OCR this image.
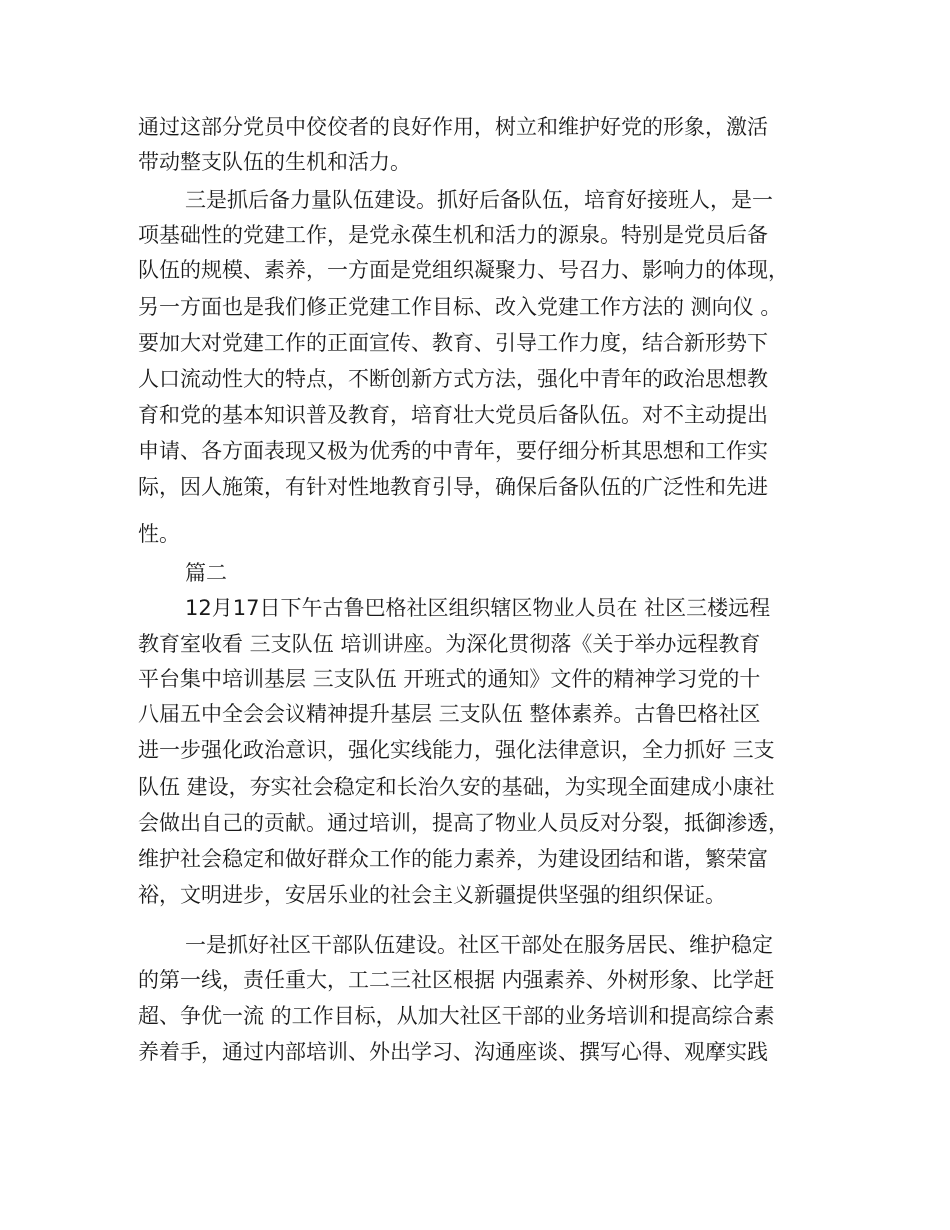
通过这部分党员中佼佼者的良好作用，树立和维护好党的形象，激活

带动整支队伍的生机和活力。

三是抓后备力量队伍建设。抓好后备队伍，培育好接班人，是一

项基础性的党建工作，是党永葆生机和活力的源泉。特别是党员后备

队伍的规模、素养，一方面是党组织凝聚力、号召力、影响力的体现，

另一方面也是我们修正党建工作目标、改入党建工作方法的 测向仪 。

要加大对党建工作的正面宣传、教育、引导工作力度，结合新形势下

人口流动性大的特点，不断创新方式方法，强化中青年的政治思想教

育和党的基本知识普及教育，培育壮大党员后备队伍。对不主动提出

申请、各方面表现又极为优秀的中青年，要仔细分析其思想和工作实

际，因人施策，有针对性地教育引导，确保后备队伍的广泛性和先进

性。

篇二

12月17日下午古鲁巴格社区组织辖区物业人员在 社区三楼远程

教育室收看 三支队伍 培训讲座。为深化贯彻落《关于举办远程教育

平台集中培训基层 三支队伍 开班式的通知》文件的精神学习党的十

八届五中全会会议精神提升基层 三支队伍 整体素养。古鲁巴格社区

进一步强化政治意识，强化实线能力，强化法律意识，全力抓好 三支

队伍 建设，夯实社会稳定和长治久安的基础，为实现全面建成小康社

会做出自己的贡献。通过培训，提高了物业人员反对分裂，抵御渗透，

维护社会稳定和做好群众工作的能力素养，为建设团结和谐，繁荣富

裕，文明进步，安居乐业的社会主义新疆提供坚强的组织保证。

一是抓好社区干部队伍建设。社区干部处在服务居民、维护稳定

的第一线，责任重大，工二三社区根据 内强素养、外树形象、比学赶

超、争优一流 的工作目标，从加大社区干部的业务培训和提高综合素

养着手，通过内部培训、外出学习、沟通座谈、撰写心得、观摩实践
